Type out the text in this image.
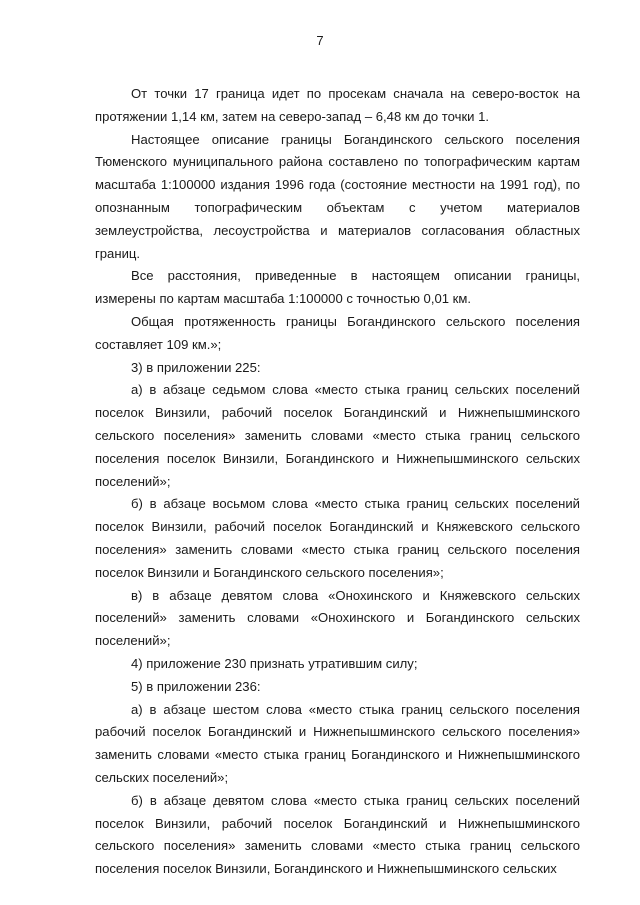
7

От точки 17 граница идет по просекам сначала на северо-восток на протяжении 1,14 км, затем на северо-запад – 6,48 км до точки 1.

Настоящее описание границы Богандинского сельского поселения Тюменского муниципального района составлено по топографическим картам масштаба 1:100000 издания 1996 года (состояние местности на 1991 год), по опознанным топографическим объектам с учетом материалов землеустройства, лесоустройства и материалов согласования областных границ.

Все расстояния, приведенные в настоящем описании границы, измерены по картам масштаба 1:100000 с точностью 0,01 км.

Общая протяженность границы Богандинского сельского поселения составляет 109 км.»;

3) в приложении 225:

а) в абзаце седьмом слова «место стыка границ сельских поселений поселок Винзили, рабочий поселок Богандинский и Нижнепышминского сельского поселения» заменить словами «место стыка границ сельского поселения поселок Винзили, Богандинского и Нижнепышминского сельских поселений»;

б) в абзаце восьмом слова «место стыка границ сельских поселений поселок Винзили, рабочий поселок Богандинский и Княжевского сельского поселения» заменить словами «место стыка границ сельского поселения поселок Винзили и Богандинского сельского поселения»;

в) в абзаце девятом слова «Онохинского и Княжевского сельских поселений» заменить словами «Онохинского и Богандинского сельских поселений»;

4) приложение 230 признать утратившим силу;

5) в приложении 236:

а) в абзаце шестом слова «место стыка границ сельского поселения рабочий поселок Богандинский и Нижнепышминского сельского поселения» заменить словами «место стыка границ Богандинского и Нижнепышминского сельских поселений»;

б) в абзаце девятом слова «место стыка границ сельских поселений поселок Винзили, рабочий поселок Богандинский и Нижнепышминского сельского поселения» заменить словами «место стыка границ сельского поселения поселок Винзили, Богандинского и Нижнепышминского сельских
